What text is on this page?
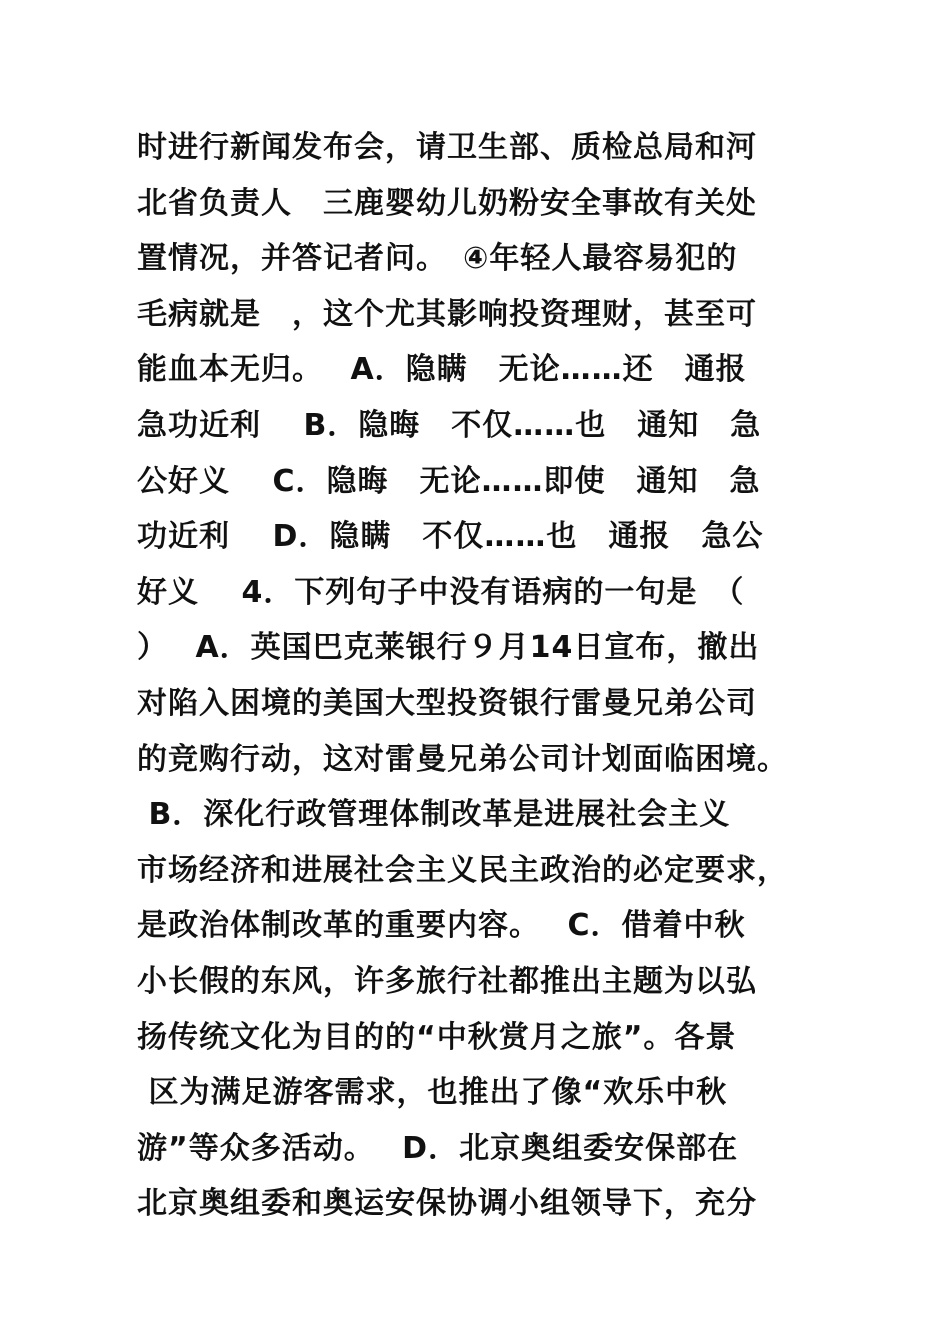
时进行新闻发布会，请卫生部、质检总局和河
北省负责人　三鹿婴幼儿奶粉安全事故有关处
置情况，并答记者问。　④年轻人最容易犯的
毛病就是　，这个尤其影响投资理财，甚至可
能血本无归。　 A．隐瞒　无论……还　通报
急功近利　 B．隐晦　不仅……也　通知　急
公好义　 C．隐晦　无论……即使　通知　急
功近利　 D．隐瞒　不仅……也　通报　急公
好义　 4．下列句子中没有语病的一句是　（
）　 A．英国巴克莱银行９月14日宣布，撤出
对陷入困境的美国大型投资银行雷曼兄弟公司
的竞购行动，这对雷曼兄弟公司计划面临困境。
B．深化行政管理体制改革是进展社会主义
市场经济和进展社会主义民主政治的必定要求，
是政治体制改革的重要内容。　 C．借着中秋
小长假的东风，许多旅行社都推出主题为以弘
扬传统文化为目的的“中秋赏月之旅”。各景
区为满足游客需求，也推出了像“欢乐中秋
游”等众多活动。　 D．北京奥组委安保部在
北京奥组委和奥运安保协调小组领导下，充分
